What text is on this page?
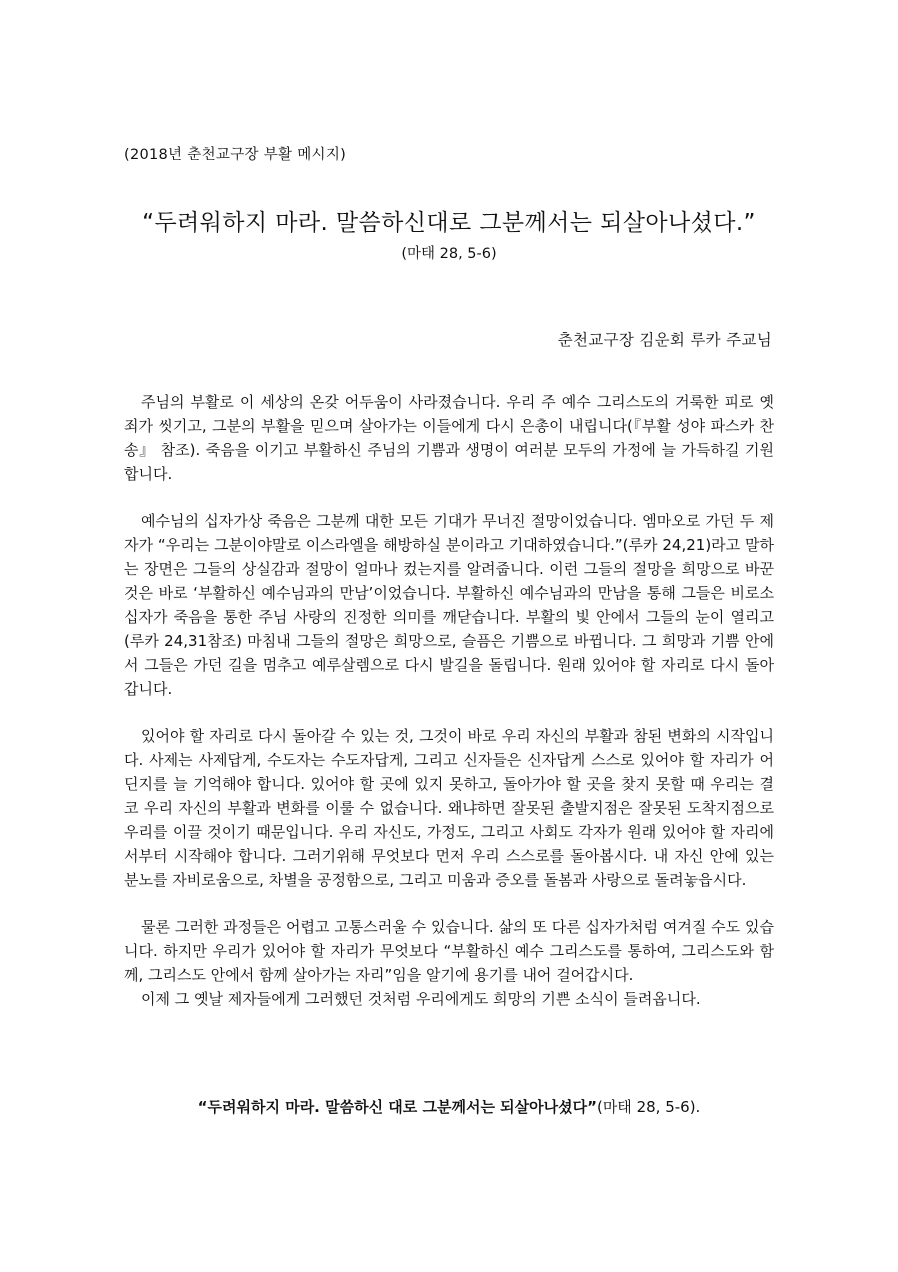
(2018년 춘천교구장 부활 메시지)
“두려워하지 마라. 말씀하신대로 그분께서는 되살아나셨다.”
(마태 28, 5-6)
춘천교구장 김운회 루카 주교님

주님의 부활로 이 세상의 온갖 어두움이 사라졌습니다. 우리 주 예수 그리스도의 거룩한 피로 옛 죄가 씻기고, 그분의 부활을 믿으며 살아가는 이들에게 다시 은총이 내립니다(『부활 성야 파스카 찬송』 참조). 죽음을 이기고 부활하신 주님의 기쁨과 생명이 여러분 모두의 가정에 늘 가득하길 기원합니다.

예수님의 십자가상 죽음은 그분께 대한 모든 기대가 무너진 절망이었습니다. 엠마오로 가던 두 제자가 “우리는 그분이야말로 이스라엘을 해방하실 분이라고 기대하였습니다.”(루카 24,21)라고 말하는 장면은 그들의 상실감과 절망이 얼마나 컸는지를 알려줍니다. 이런 그들의 절망을 희망으로 바꾼 것은 바로 ‘부활하신 예수님과의 만남’이었습니다. 부활하신 예수님과의 만남을 통해 그들은 비로소 십자가 죽음을 통한 주님 사랑의 진정한 의미를 깨닫습니다. 부활의 빛 안에서 그들의 눈이 열리고(루카 24,31참조) 마침내 그들의 절망은 희망으로, 슬픔은 기쁨으로 바뀝니다. 그 희망과 기쁨 안에서 그들은 가던 길을 멈추고 예루살렘으로 다시 발길을 돌립니다. 원래 있어야 할 자리로 다시 돌아갑니다.

있어야 할 자리로 다시 돌아갈 수 있는 것, 그것이 바로 우리 자신의 부활과 참된 변화의 시작입니다. 사제는 사제답게, 수도자는 수도자답게, 그리고 신자들은 신자답게 스스로 있어야 할 자리가 어딘지를 늘 기억해야 합니다. 있어야 할 곳에 있지 못하고, 돌아가야 할 곳을 찾지 못할 때 우리는 결코 우리 자신의 부활과 변화를 이룰 수 없습니다. 왜냐하면 잘못된 출발지점은 잘못된 도착지점으로 우리를 이끌 것이기 때문입니다. 우리 자신도, 가정도, 그리고 사회도 각자가 원래 있어야 할 자리에서부터 시작해야 합니다. 그러기위해 무엇보다 먼저 우리 스스로를 돌아봅시다. 내 자신 안에 있는 분노를 자비로움으로, 차별을 공정함으로, 그리고 미움과 증오를 돌봄과 사랑으로 돌려놓읍시다.

물론 그러한 과정들은 어렵고 고통스러울 수 있습니다. 삶의 또 다른 십자가처럼 여겨질 수도 있습니다. 하지만 우리가 있어야 할 자리가 무엇보다 “부활하신 예수 그리스도를 통하여, 그리스도와 함께, 그리스도 안에서 함께 살아가는 자리”임을 알기에 용기를 내어 걸어갑시다.

이제 그 옛날 제자들에게 그러했던 것처럼 우리에게도 희망의 기쁜 소식이 들려옵니다.

“두려워하지 마라. 말씀하신 대로 그분께서는 되살아나셨다”(마태 28, 5-6).
